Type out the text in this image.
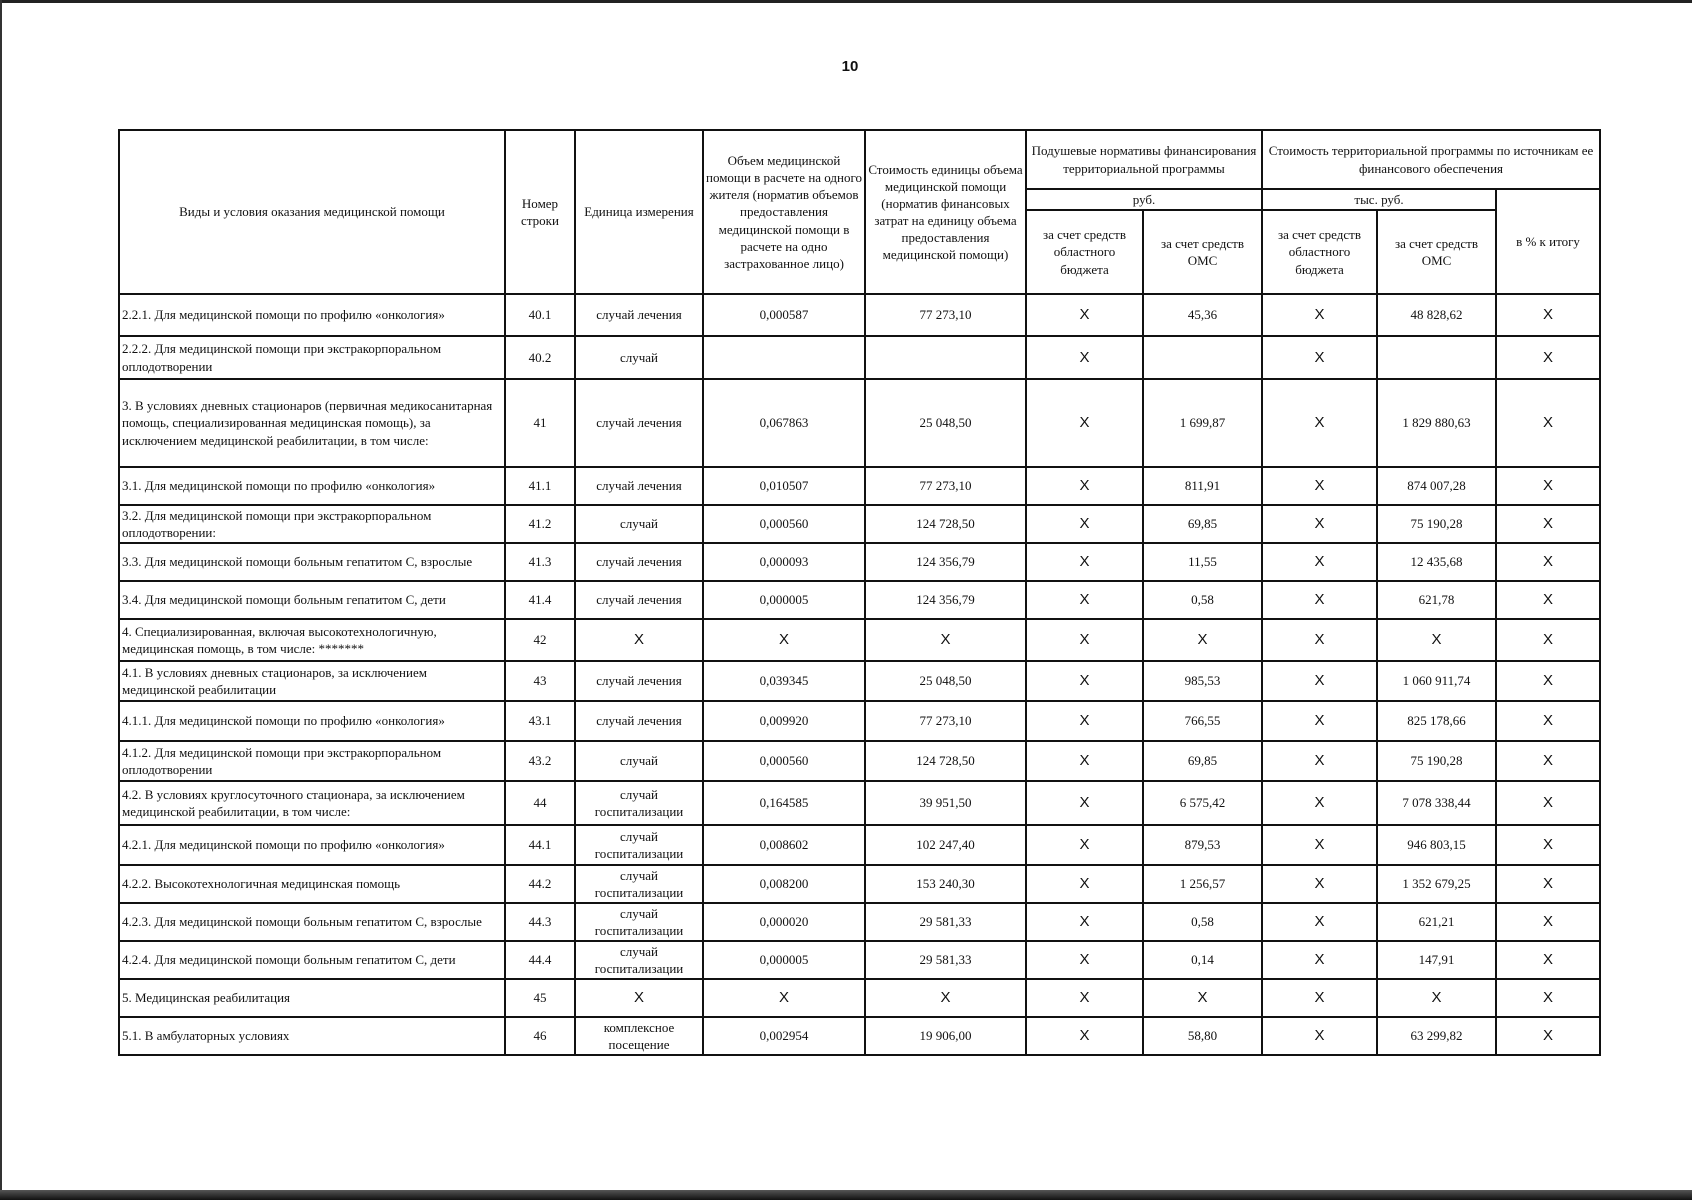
10
Виды и условия оказания медицинской помощи	Номер строки	Единица измерения	Объем медицинской помощи в расчете на одного жителя (норматив объемов предоставления медицинской помощи в расчете на одно застрахованное лицо)	Стоимость единицы объема медицинской помощи (норматив финансовых затрат на единицу объема предоставления медицинской помощи)	Подушевые нормативы финансирования территориальной программы		Стоимость территориальной программы по источникам ее финансового обеспечения		
					руб.		тыс. руб.		в % к итогу
					за счет средств областного бюджета	за счет средств ОМС	за счет средств областного бюджета	за счет средств ОМС	
2.2.1. Для медицинской помощи по профилю «онкология»	40.1	случай лечения	0,000587	77 273,10	X	45,36	X	48 828,62	X
2.2.2. Для медицинской помощи при экстракорпоральном оплодотворении	40.2	случай			X		X		X
3. В условиях дневных стационаров (первичная медикосанитарная помощь, специализированная медицинская помощь), за исключением медицинской реабилитации, в том числе:	41	случай лечения	0,067863	25 048,50	X	1 699,87	X	1 829 880,63	X
3.1. Для медицинской помощи по профилю «онкология»	41.1	случай лечения	0,010507	77 273,10	X	811,91	X	874 007,28	X
3.2. Для медицинской помощи при экстракорпоральном оплодотворении:	41.2	случай	0,000560	124 728,50	X	69,85	X	75 190,28	X
3.3. Для медицинской помощи больным гепатитом С, взрослые	41.3	случай лечения	0,000093	124 356,79	X	11,55	X	12 435,68	X
3.4. Для медицинской помощи больным гепатитом С, дети	41.4	случай лечения	0,000005	124 356,79	X	0,58	X	621,78	X
4. Специализированная, включая высокотехнологичную, медицинская помощь, в том числе: *******	42	X	X	X	X	X	X	X	X
4.1. В условиях дневных стационаров, за исключением медицинской реабилитации	43	случай лечения	0,039345	25 048,50	X	985,53	X	1 060 911,74	X
4.1.1. Для медицинской помощи по профилю «онкология»	43.1	случай лечения	0,009920	77 273,10	X	766,55	X	825 178,66	X
4.1.2. Для медицинской помощи при экстракорпоральном оплодотворении	43.2	случай	0,000560	124 728,50	X	69,85	X	75 190,28	X
4.2. В условиях круглосуточного стационара, за исключением медицинской реабилитации, в том числе:	44	случай госпитализации	0,164585	39 951,50	X	6 575,42	X	7 078 338,44	X
4.2.1. Для медицинской помощи по профилю «онкология»	44.1	случай госпитализации	0,008602	102 247,40	X	879,53	X	946 803,15	X
4.2.2. Высокотехнологичная медицинская помощь	44.2	случай госпитализации	0,008200	153 240,30	X	1 256,57	X	1 352 679,25	X
4.2.3. Для медицинской помощи больным гепатитом С, взрослые	44.3	случай госпитализации	0,000020	29 581,33	X	0,58	X	621,21	X
4.2.4. Для медицинской помощи больным гепатитом С, дети	44.4	случай госпитализации	0,000005	29 581,33	X	0,14	X	147,91	X
5. Медицинская реабилитация	45	X	X	X	X	X	X	X	X
5.1. В амбулаторных условиях	46	комплексное посещение	0,002954	19 906,00	X	58,80	X	63 299,82	X
